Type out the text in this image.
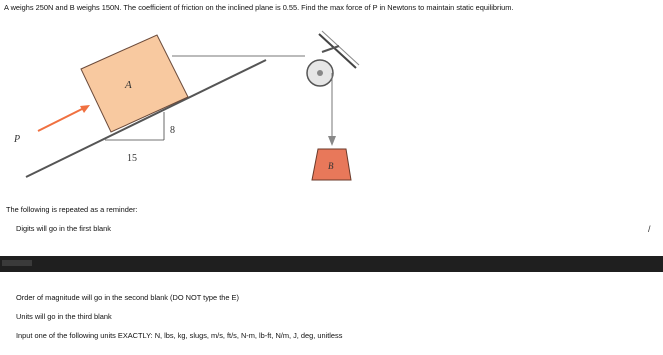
A weighs 250N and B weighs 150N. The coefficient of friction on the inclined plane is 0.55. Find the max force of P in Newtons to maintain static equilibrium.
8
15
A
P
B
The following is repeated as a reminder:
Digits will go in the first blank	/
Order of magnitude will go in the second blank (DO NOT type the E)
Units will go in the third blank
Input one of the following units EXACTLY: N, lbs, kg, slugs, m/s, ft/s, N-m, lb-ft, N/m, J, deg, unitless
